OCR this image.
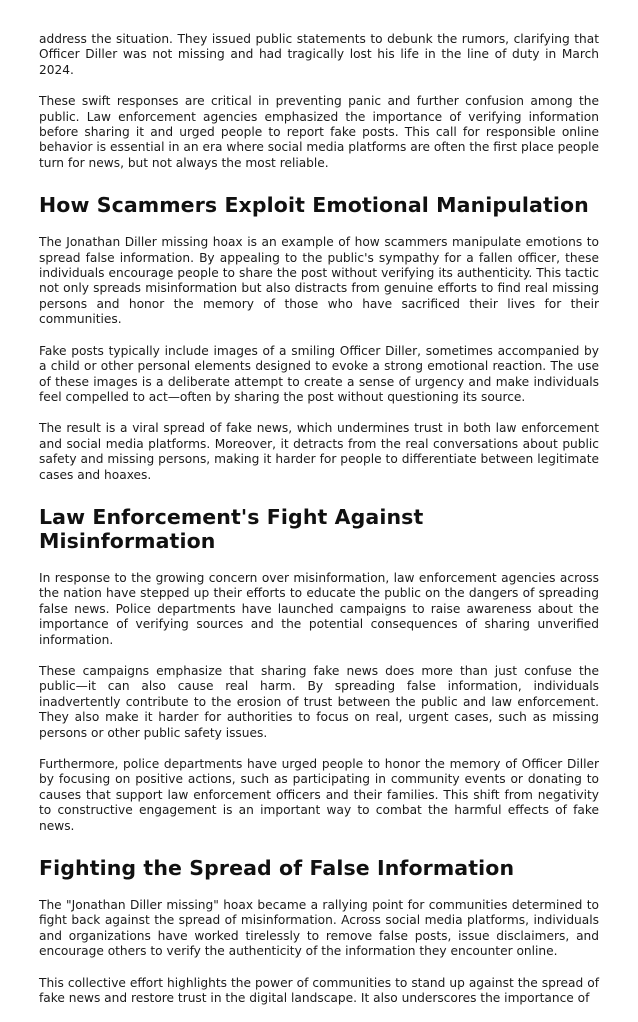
address the situation. They issued public statements to debunk the rumors, clarifying that Officer Diller was not missing and had tragically lost his life in the line of duty in March 2024.

These swift responses are critical in preventing panic and further confusion among the public. Law enforcement agencies emphasized the importance of verifying information before sharing it and urged people to report fake posts. This call for responsible online behavior is essential in an era where social media platforms are often the first place people turn for news, but not always the most reliable.

How Scammers Exploit Emotional Manipulation

The Jonathan Diller missing hoax is an example of how scammers manipulate emotions to spread false information. By appealing to the public's sympathy for a fallen officer, these individuals encourage people to share the post without verifying its authenticity. This tactic not only spreads misinformation but also distracts from genuine efforts to find real missing persons and honor the memory of those who have sacrificed their lives for their communities.

Fake posts typically include images of a smiling Officer Diller, sometimes accompanied by a child or other personal elements designed to evoke a strong emotional reaction. The use of these images is a deliberate attempt to create a sense of urgency and make individuals feel compelled to act—often by sharing the post without questioning its source.

The result is a viral spread of fake news, which undermines trust in both law enforcement and social media platforms. Moreover, it detracts from the real conversations about public safety and missing persons, making it harder for people to differentiate between legitimate cases and hoaxes.

Law Enforcement's Fight Against Misinformation

In response to the growing concern over misinformation, law enforcement agencies across the nation have stepped up their efforts to educate the public on the dangers of spreading false news. Police departments have launched campaigns to raise awareness about the importance of verifying sources and the potential consequences of sharing unverified information.

These campaigns emphasize that sharing fake news does more than just confuse the public—it can also cause real harm. By spreading false information, individuals inadvertently contribute to the erosion of trust between the public and law enforcement. They also make it harder for authorities to focus on real, urgent cases, such as missing persons or other public safety issues.

Furthermore, police departments have urged people to honor the memory of Officer Diller by focusing on positive actions, such as participating in community events or donating to causes that support law enforcement officers and their families. This shift from negativity to constructive engagement is an important way to combat the harmful effects of fake news.

Fighting the Spread of False Information

The "Jonathan Diller missing" hoax became a rallying point for communities determined to fight back against the spread of misinformation. Across social media platforms, individuals and organizations have worked tirelessly to remove false posts, issue disclaimers, and encourage others to verify the authenticity of the information they encounter online.

This collective effort highlights the power of communities to stand up against the spread of fake news and restore trust in the digital landscape. It also underscores the importance of
